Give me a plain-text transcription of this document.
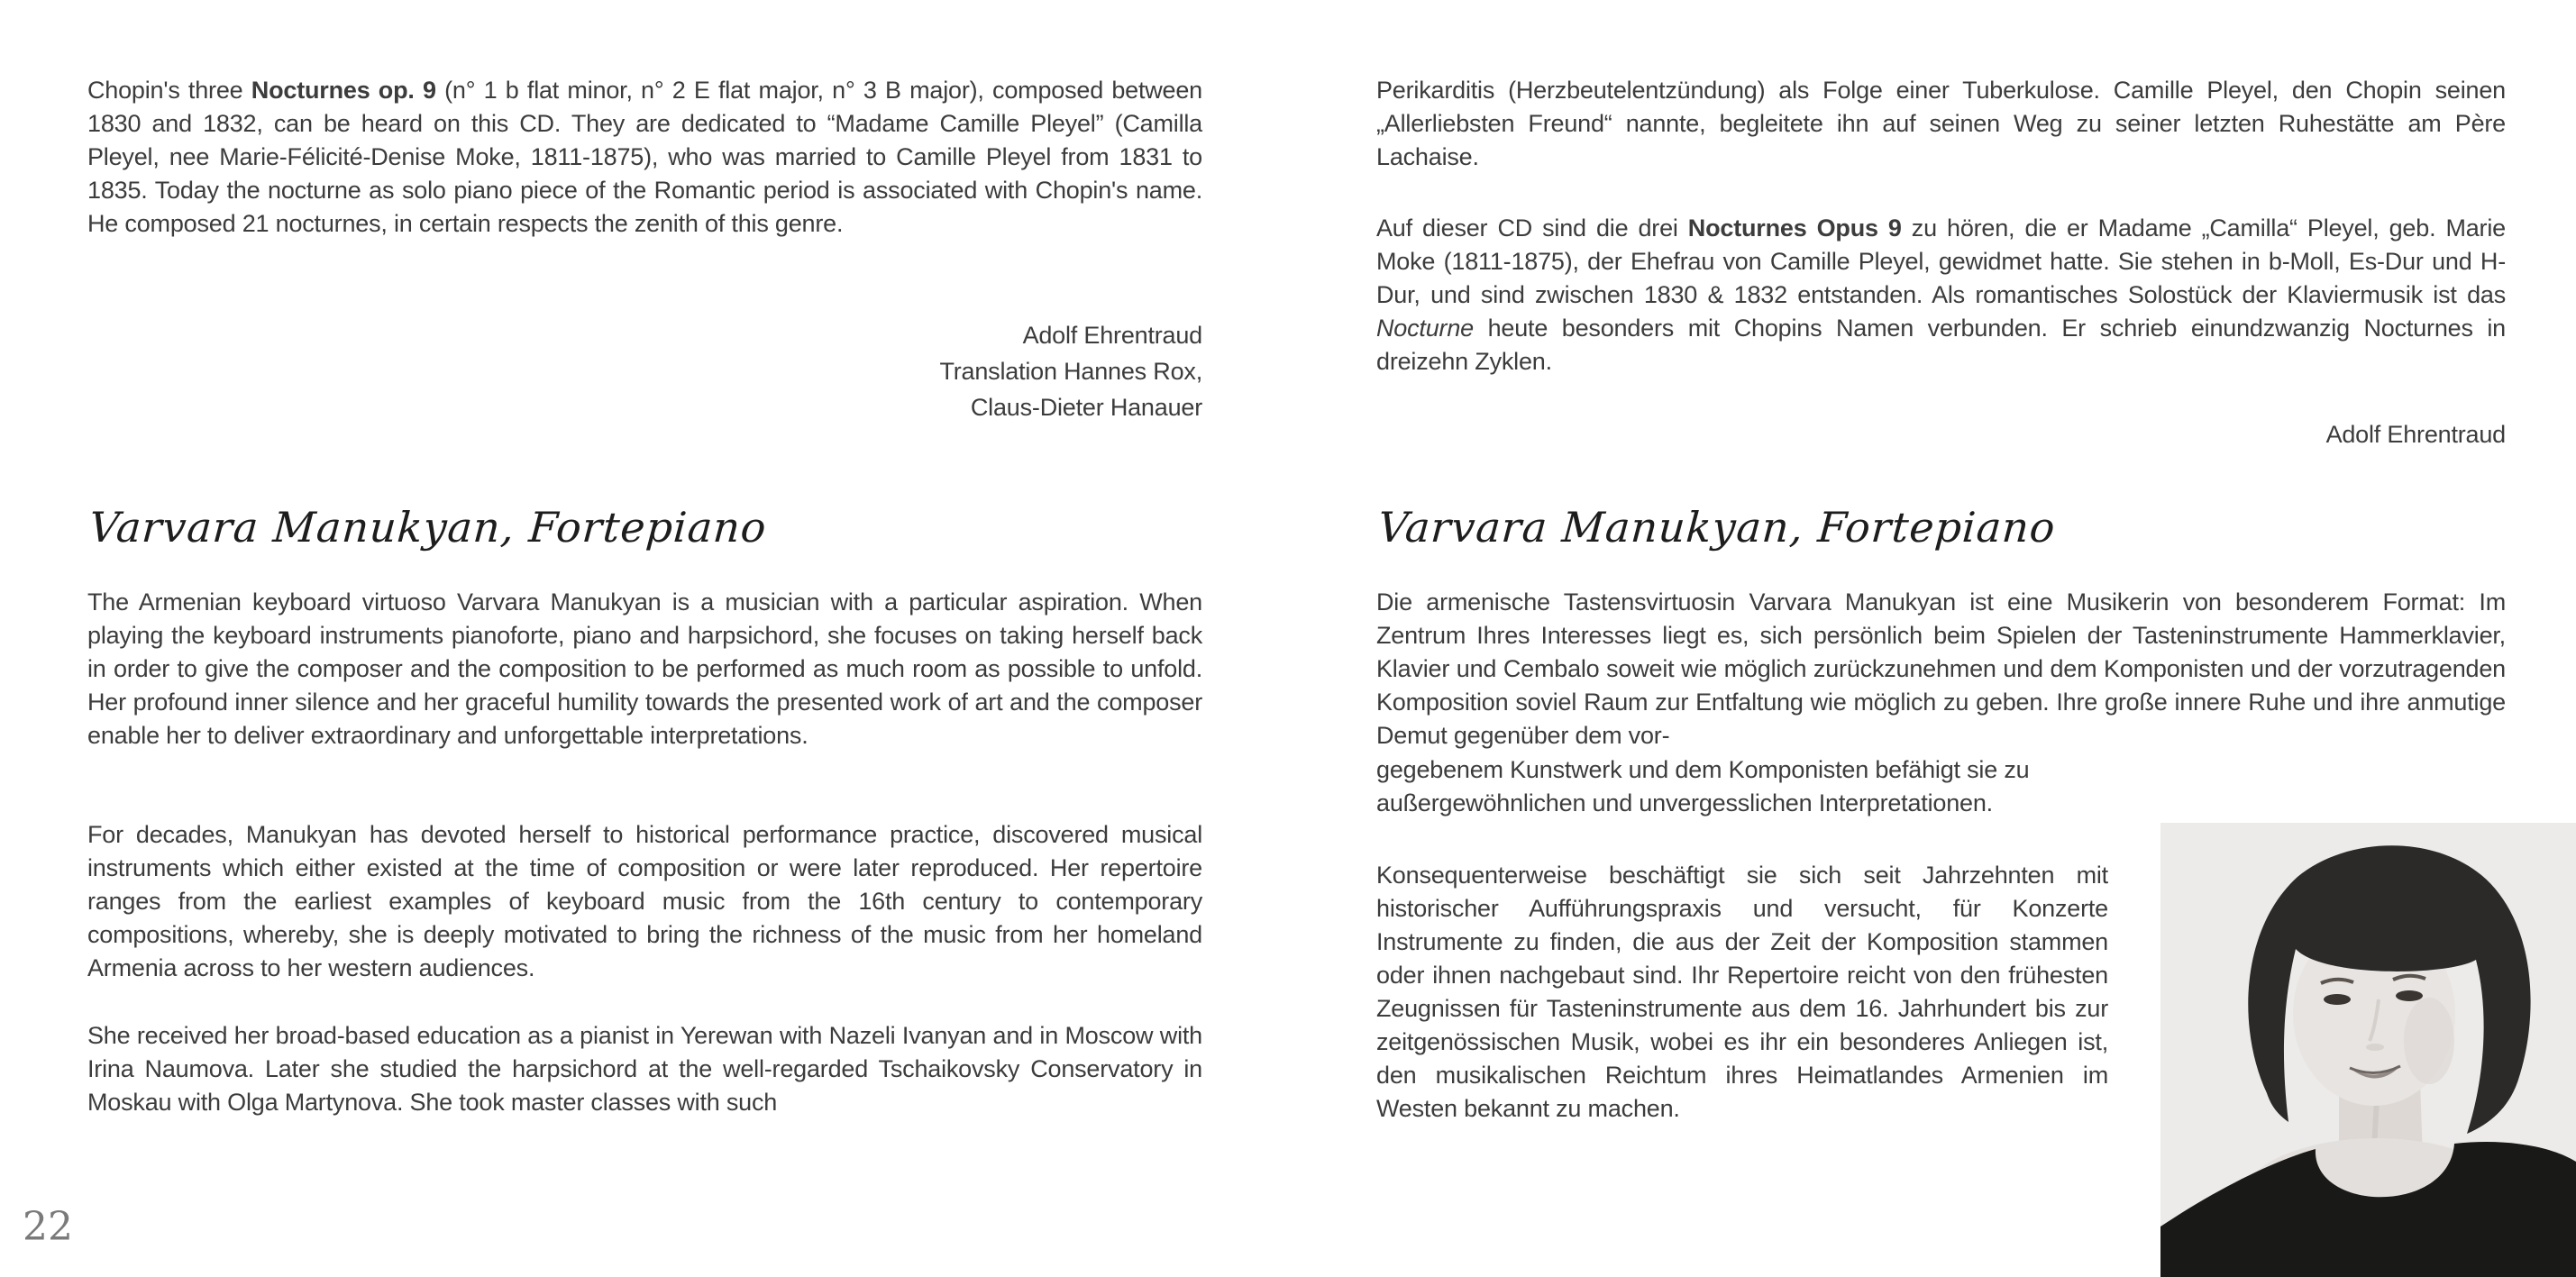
Chopin's three Nocturnes op. 9 (n° 1 b flat minor, n° 2 E flat major, n° 3 B major), composed between 1830 and 1832, can be heard on this CD. They are dedicated to “Madame Camille Pleyel” (Camilla Pleyel, nee Marie-Félicité-Denise Moke, 1811-1875), who was married to Camille Pleyel from 1831 to 1835. Today the nocturne as solo piano piece of the Romantic period is associated with Chopin's name. He composed 21 nocturnes, in certain respects the zenith of this genre.
Adolf Ehrentraud
Translation Hannes Rox,
Claus-Dieter Hanauer
Varvara Manukyan, Fortepiano
The Armenian keyboard virtuoso Varvara Manukyan is a musician with a particular aspiration. When playing the keyboard instruments pianoforte, piano and harpsichord, she focuses on taking herself back in order to give the composer and the composition to be performed as much room as possible to unfold. Her profound inner silence and her graceful humility towards the presented work of art and the composer enable her to deliver extraordinary and unforgettable interpretations.
For decades, Manukyan has devoted herself to historical performance practice, discovered musical instruments which either existed at the time of composition or were later reproduced. Her repertoire ranges from the earliest examples of keyboard music from the 16th century to contemporary compositions, whereby, she is deeply motivated to bring the richness of the music from her homeland Armenia across to her western audiences.
She received her broad-based education as a pianist in Yerewan with Nazeli Ivanyan and in Moscow with Irina Naumova. Later she studied the harpsichord at the well-regarded Tschaikovsky Conservatory in Moskau with Olga Martynova. She took master classes with such
22
Perikarditis (Herzbeutelentzündung) als Folge einer Tuberkulose. Camille Pleyel, den Chopin seinen „Allerliebsten Freund“ nannte, begleitete ihn auf seinen Weg zu seiner letzten Ruhestätte am Père Lachaise.
Auf dieser CD sind die drei Nocturnes Opus 9 zu hören, die er Madame „Camilla“ Pleyel, geb. Marie Moke (1811-1875), der Ehefrau von Camille Pleyel, gewidmet hatte. Sie stehen in b-Moll, Es-Dur und H-Dur, und sind zwischen 1830 & 1832 entstanden. Als romantisches Solostück der Klaviermusik ist das Nocturne heute besonders mit Chopins Namen verbunden. Er schrieb einundzwanzig Nocturnes in dreizehn Zyklen.
Adolf Ehrentraud
Varvara Manukyan, Fortepiano
Die armenische Tastensvirtuosin Varvara Manukyan ist eine Musikerin von besonderem Format: Im Zentrum Ihres Interesses liegt es, sich persönlich beim Spielen der Tasteninstrumente Hammerklavier, Klavier und Cembalo soweit wie möglich zurückzunehmen und dem Komponisten und der vorzutragenden Komposition soviel Raum zur Entfaltung wie möglich zu geben. Ihre große innere Ruhe und ihre anmutige Demut gegenüber dem vor-
gegebenem Kunstwerk und dem Komponisten befähigt sie zu außergewöhnlichen und unvergesslichen Interpretationen.
Konsequenterweise beschäftigt sie sich seit Jahrzehnten mit historischer Aufführungspraxis und versucht, für Konzerte Instrumente zu finden, die aus der Zeit der Komposition stammen oder ihnen nachgebaut sind. Ihr Repertoire reicht von den frühesten Zeugnissen für Tasteninstrumente aus dem 16. Jahrhundert bis zur zeitgenössischen Musik, wobei es ihr ein besonderes Anliegen ist, den musikalischen Reichtum ihres Heimatlandes Armenien im Westen bekannt zu machen.
